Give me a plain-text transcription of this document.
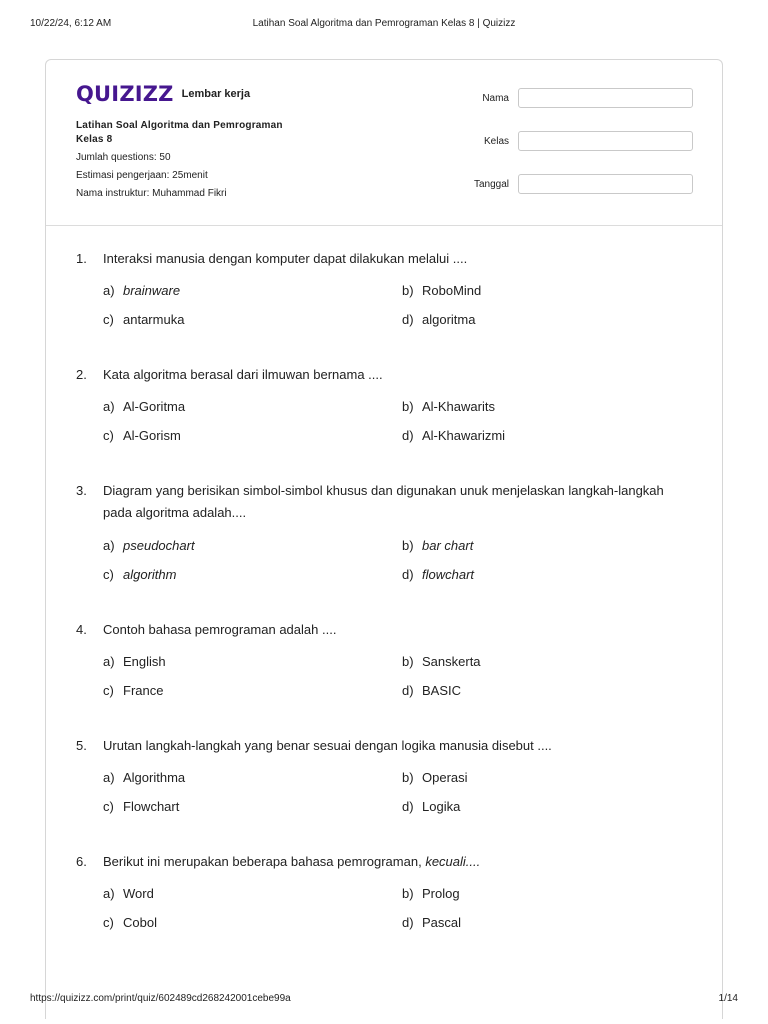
10/22/24, 6:12 AM	Latihan Soal Algoritma dan Pemrograman Kelas 8 | Quizizz
QUIZIZZ Lembar kerja
Latihan Soal Algoritma dan Pemrograman
Kelas 8
Jumlah questions: 50
Estimasi pengerjaan: 25menit
Nama instruktur: Muhammad Fikri
Nama
Kelas
Tanggal
1. Interaksi manusia dengan komputer dapat dilakukan melalui ....
a) brainware	b) RoboMind
c) antarmuka	d) algoritma
2. Kata algoritma berasal dari ilmuwan bernama ....
a) Al-Goritma	b) Al-Khawarits
c) Al-Gorism	d) Al-Khawarizmi
3. Diagram yang berisikan simbol-simbol khusus dan digunakan unuk menjelaskan langkah-langkah pada algoritma adalah....
a) pseudochart	b) bar chart
c) algorithm	d) flowchart
4. Contoh bahasa pemrograman adalah ....
a) English	b) Sanskerta
c) France	d) BASIC
5. Urutan langkah-langkah yang benar sesuai dengan logika manusia disebut ....
a) Algorithma	b) Operasi
c) Flowchart	d) Logika
6. Berikut ini merupakan beberapa bahasa pemrograman, kecuali....
a) Word	b) Prolog
c) Cobol	d) Pascal
https://quizizz.com/print/quiz/602489cd268242001cebe99a	1/14
